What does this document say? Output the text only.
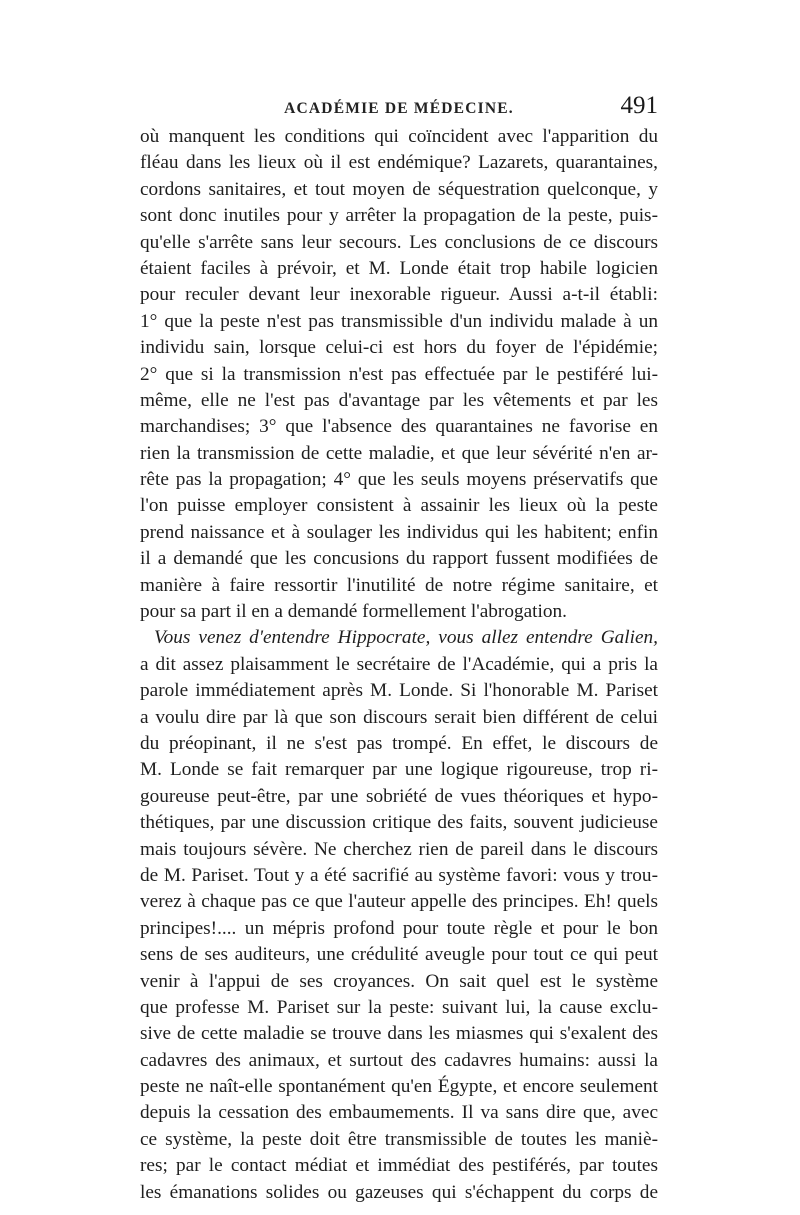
ACADÉMIE DE MÉDECINE.	491
où manquent les conditions qui coïncident avec l'apparition du
fléau dans les lieux où il est endémique? Lazarets, quarantaines,
cordons sanitaires, et tout moyen de séquestration quelconque, y
sont donc inutiles pour y arrêter la propagation de la peste, puis-
qu'elle s'arrête sans leur secours. Les conclusions de ce discours
étaient faciles à prévoir, et M. Londe était trop habile logicien
pour reculer devant leur inexorable rigueur. Aussi a-t-il établi:
1° que la peste n'est pas transmissible d'un individu malade à un
individu sain, lorsque celui-ci est hors du foyer de l'épidémie;
2° que si la transmission n'est pas effectuée par le pestiféré lui-
même, elle ne l'est pas d'avantage par les vêtements et par les
marchandises; 3° que l'absence des quarantaines ne favorise en
rien la transmission de cette maladie, et que leur sévérité n'en ar-
rête pas la propagation; 4° que les seuls moyens préservatifs que
l'on puisse employer consistent à assainir les lieux où la peste
prend naissance et à soulager les individus qui les habitent; enfin
il a demandé que les concusions du rapport fussent modifiées de
manière à faire ressortir l'inutilité de notre régime sanitaire, et
pour sa part il en a demandé formellement l'abrogation.
Vous venez d'entendre Hippocrate, vous allez entendre Galien,
a dit assez plaisamment le secrétaire de l'Académie, qui a pris la
parole immédiatement après M. Londe. Si l'honorable M. Pariset
a voulu dire par là que son discours serait bien différent de celui
du préopinant, il ne s'est pas trompé. En effet, le discours de
M. Londe se fait remarquer par une logique rigoureuse, trop ri-
goureuse peut-être, par une sobriété de vues théoriques et hypo-
thétiques, par une discussion critique des faits, souvent judicieuse
mais toujours sévère. Ne cherchez rien de pareil dans le discours
de M. Pariset. Tout y a été sacrifié au système favori: vous y trou-
verez à chaque pas ce que l'auteur appelle des principes. Eh! quels
principes!.... un mépris profond pour toute règle et pour le bon
sens de ses auditeurs, une crédulité aveugle pour tout ce qui peut
venir à l'appui de ses croyances. On sait quel est le système
que professe M. Pariset sur la peste: suivant lui, la cause exclu-
sive de cette maladie se trouve dans les miasmes qui s'exalent des
cadavres des animaux, et surtout des cadavres humains: aussi la
peste ne naît-elle spontanément qu'en Égypte, et encore seulement
depuis la cessation des embaumements. Il va sans dire que, avec
ce système, la peste doit être transmissible de toutes les maniè-
res; par le contact médiat et immédiat des pestiférés, par toutes
les émanations solides ou gazeuses qui s'échappent du corps de
